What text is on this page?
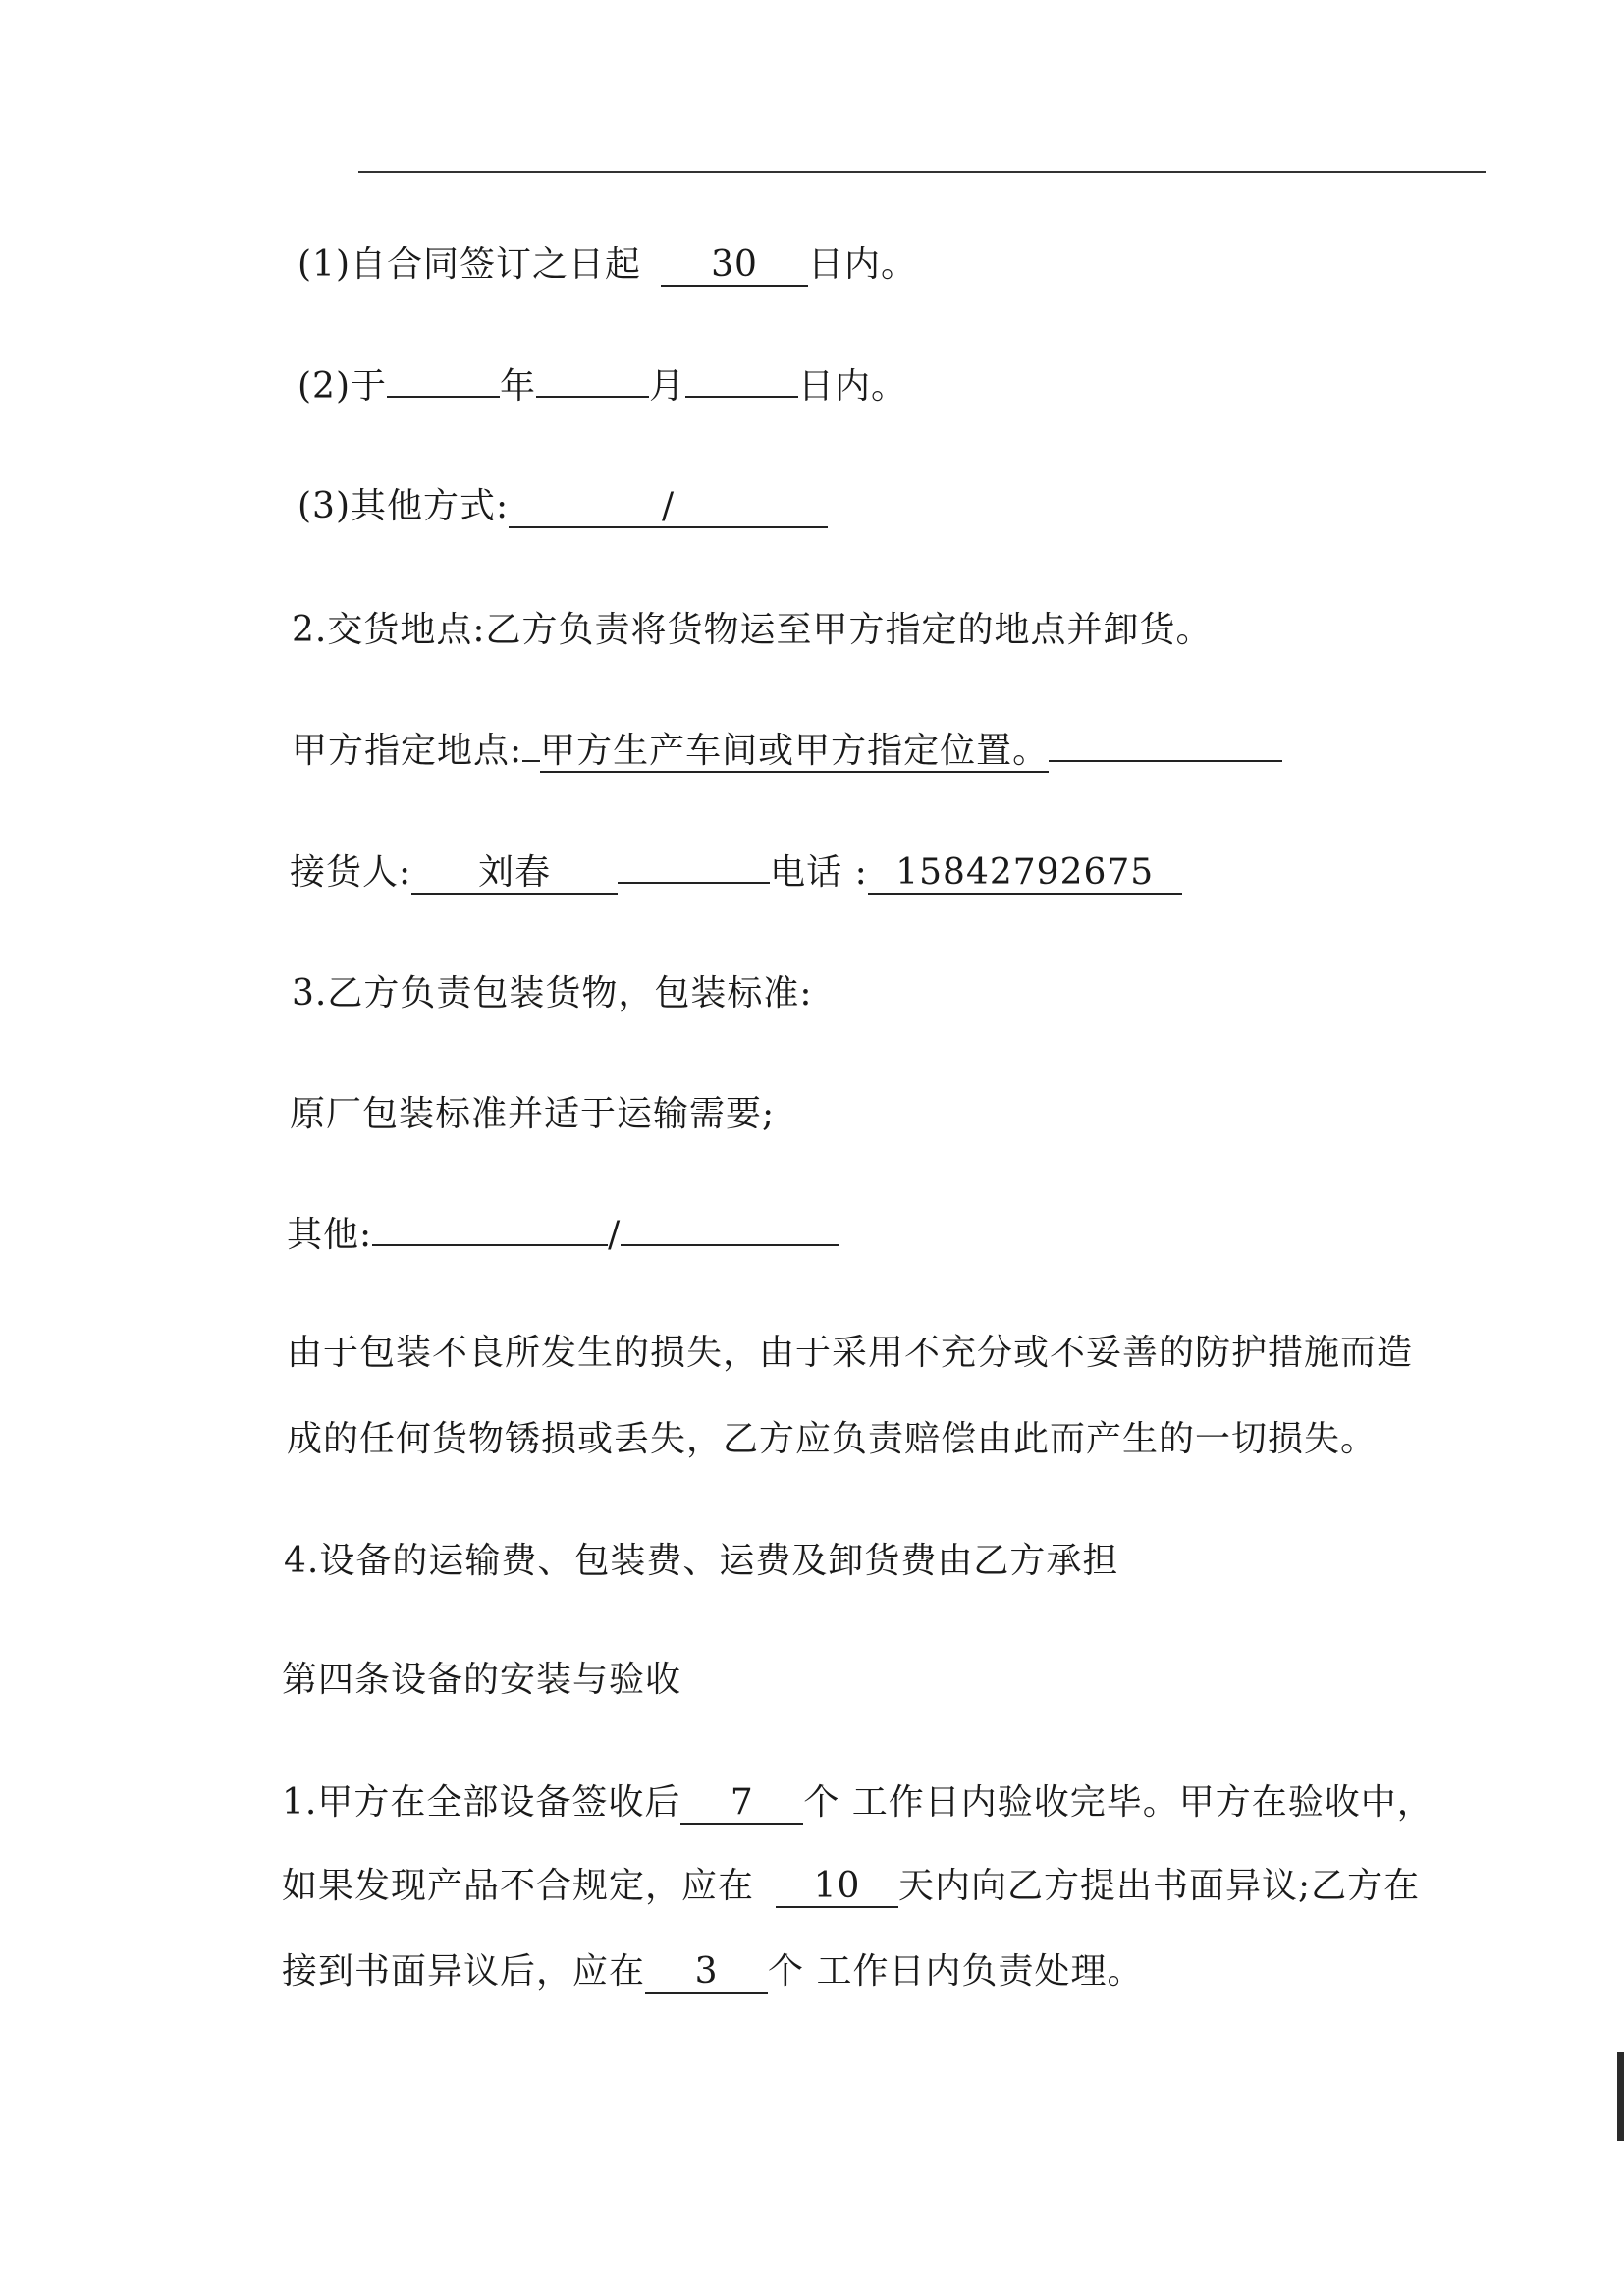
(1)自合同签订之日起 30 日内。
(2)于	年	月	日内。
(3)其他方式:	/
2.交货地点:乙方负责将货物运至甲方指定的地点并卸货。
甲方指定地点: 甲方生产车间或甲方指定位置。
接货人: 刘春	电话 : 15842792675
3.乙方负责包装货物，包装标准:
原厂包装标准并适于运输需要;
其他:	/
由于包装不良所发生的损失，由于采用不充分或不妥善的防护措施而造
成的任何货物锈损或丢失，乙方应负责赔偿由此而产生的一切损失。
4.设备的运输费、包装费、运费及卸货费由乙方承担
第四条设备的安装与验收
1.甲方在全部设备签收后 7 个 工作日内验收完毕。甲方在验收中，
如果发现产品不合规定，应在 10 天内向乙方提出书面异议;乙方在
接到书面异议后，应在 3 个 工作日内负责处理。
